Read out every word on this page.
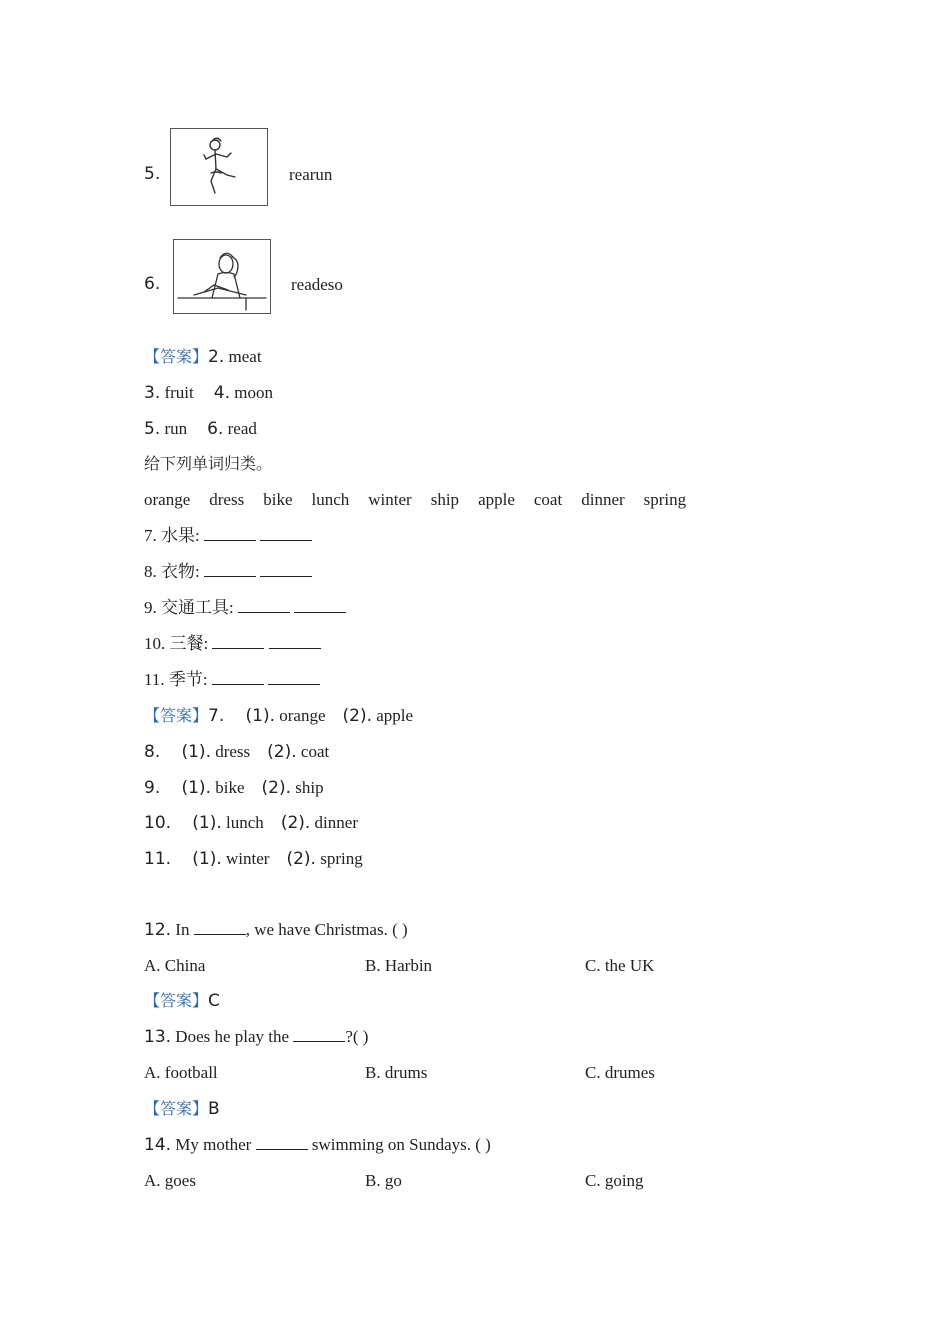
5.	rearun
6.	readeso
【答案】2. meat
3. fruit 4. moon
5. run 6. read
给下列单词归类。
orange dress bike lunch winter ship apple coat dinner spring
7. 水果:
8. 衣物:
9. 交通工具:
10. 三餐:
11. 季节:
【答案】7. (1). orange (2). apple
8. (1). dress (2). coat
9. (1). bike (2). ship
10. (1). lunch (2). dinner
11. (1). winter (2). spring
12. In	, we have Christmas. ( )
A. China	B. Harbin	C. the UK
【答案】C
13. Does he play the	?( )
A. football	B. drums	C. drumes
【答案】B
14. My mother	swimming on Sundays. ( )
A. goes	B. go	C. going
